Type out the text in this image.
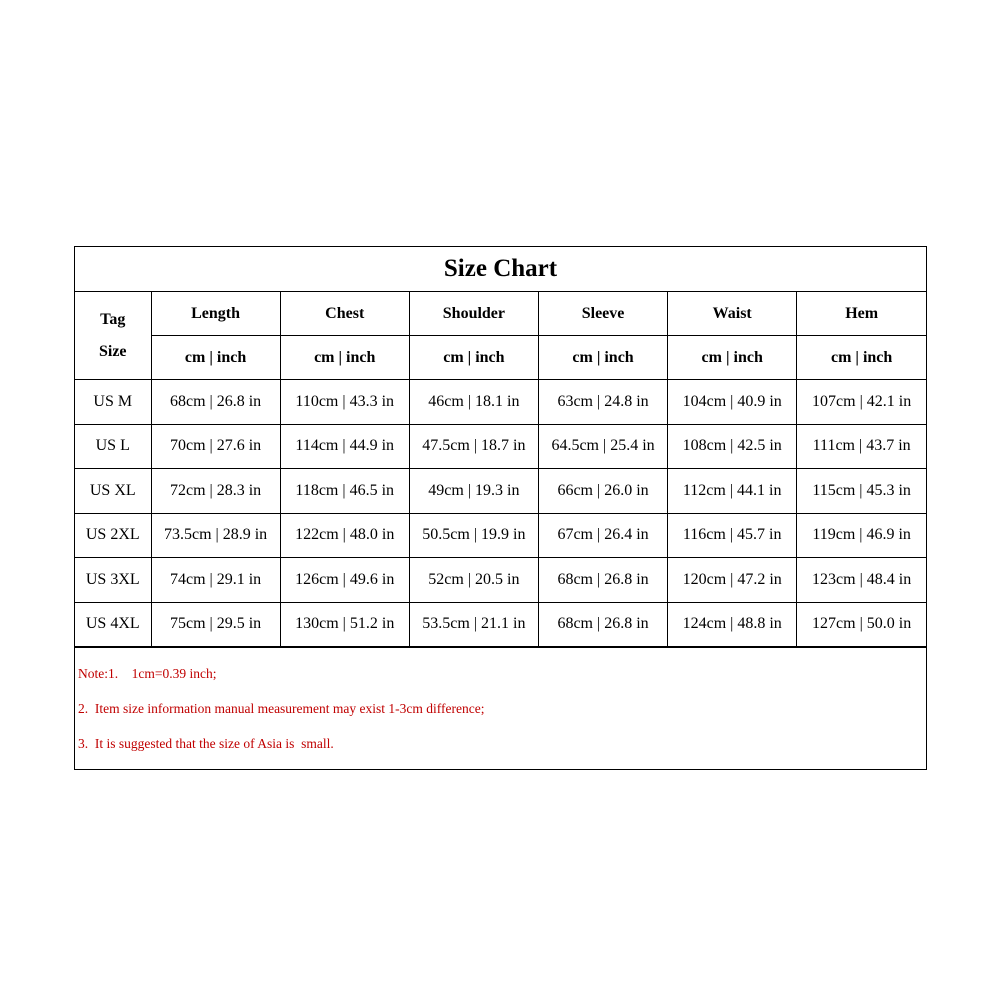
Size Chart						
Tag
Size	Length	Chest	Shoulder	Sleeve	Waist	Hem
	cm | inch	cm | inch	cm | inch	cm | inch	cm | inch	cm | inch
US M	68cm | 26.8 in	110cm | 43.3 in	46cm | 18.1 in	63cm | 24.8 in	104cm | 40.9 in	107cm | 42.1 in
US L	70cm | 27.6 in	114cm | 44.9 in	47.5cm | 18.7 in	64.5cm | 25.4 in	108cm | 42.5 in	111cm | 43.7 in
US XL	72cm | 28.3 in	118cm | 46.5 in	49cm | 19.3 in	66cm | 26.0 in	112cm | 44.1 in	115cm | 45.3 in
US 2XL	73.5cm | 28.9 in	122cm | 48.0 in	50.5cm | 19.9 in	67cm | 26.4 in	116cm | 45.7 in	119cm | 46.9 in
US 3XL	74cm | 29.1 in	126cm | 49.6 in	52cm | 20.5 in	68cm | 26.8 in	120cm | 47.2 in	123cm | 48.4 in
US 4XL	75cm | 29.5 in	130cm | 51.2 in	53.5cm | 21.1 in	68cm | 26.8 in	124cm | 48.8 in	127cm | 50.0 in
Note:1.    1cm=0.39 inch;
2.  Item size information manual measurement may exist 1-3cm difference;
3.  It is suggested that the size of Asia is  small.
